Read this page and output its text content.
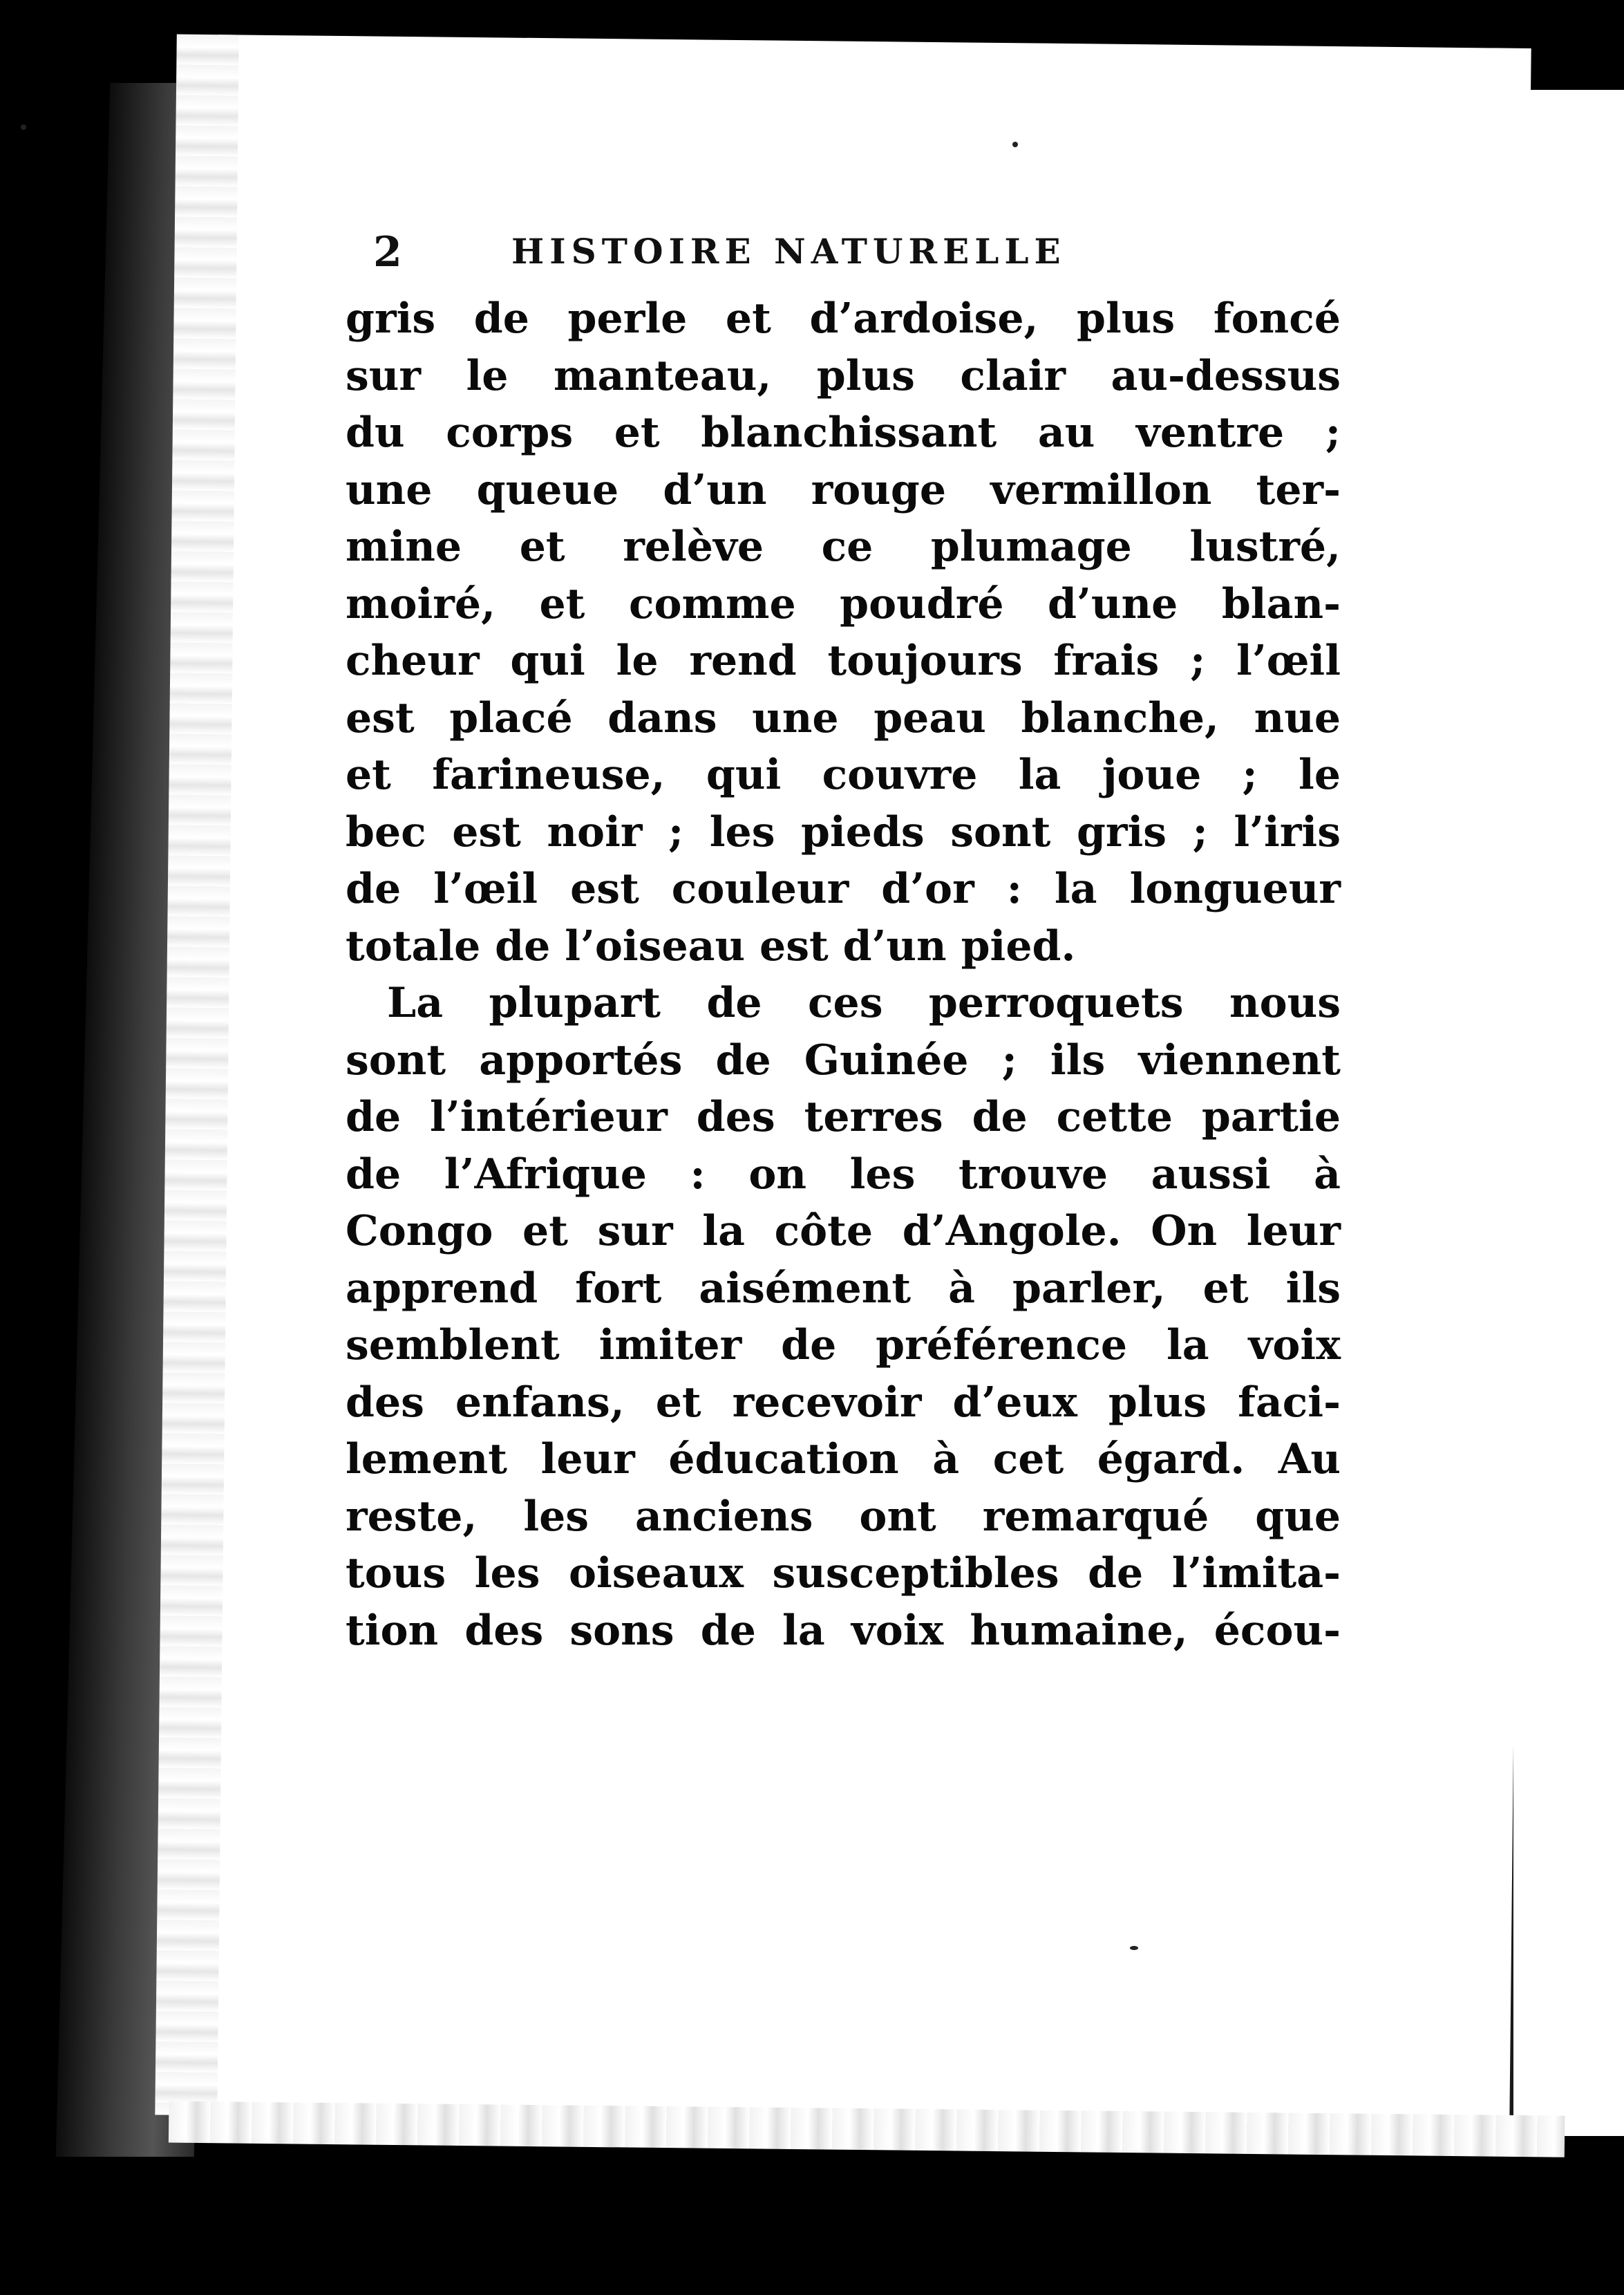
2	HISTOIRE NATURELLE
gris de perle et d’ardoise, plus foncé
sur le manteau, plus clair au-dessus
du corps et blanchissant au ventre ;
une queue d’un rouge vermillon ter-
mine et relève ce plumage lustré,
moiré, et comme poudré d’une blan-
cheur qui le rend toujours frais ; l’œil
est placé dans une peau blanche, nue
et farineuse, qui couvre la joue ; le
bec est noir ; les pieds sont gris ; l’iris
de l’œil est couleur d’or : la longueur
totale de l’oiseau est d’un pied.
La plupart de ces perroquets nous
sont apportés de Guinée ; ils viennent
de l’intérieur des terres de cette partie
de l’Afrique : on les trouve aussi à
Congo et sur la côte d’Angole. On leur
apprend fort aisément à parler, et ils
semblent imiter de préférence la voix
des enfans, et recevoir d’eux plus faci-
lement leur éducation à cet égard. Au
reste, les anciens ont remarqué que
tous les oiseaux susceptibles de l’imita-
tion des sons de la voix humaine, écou-
